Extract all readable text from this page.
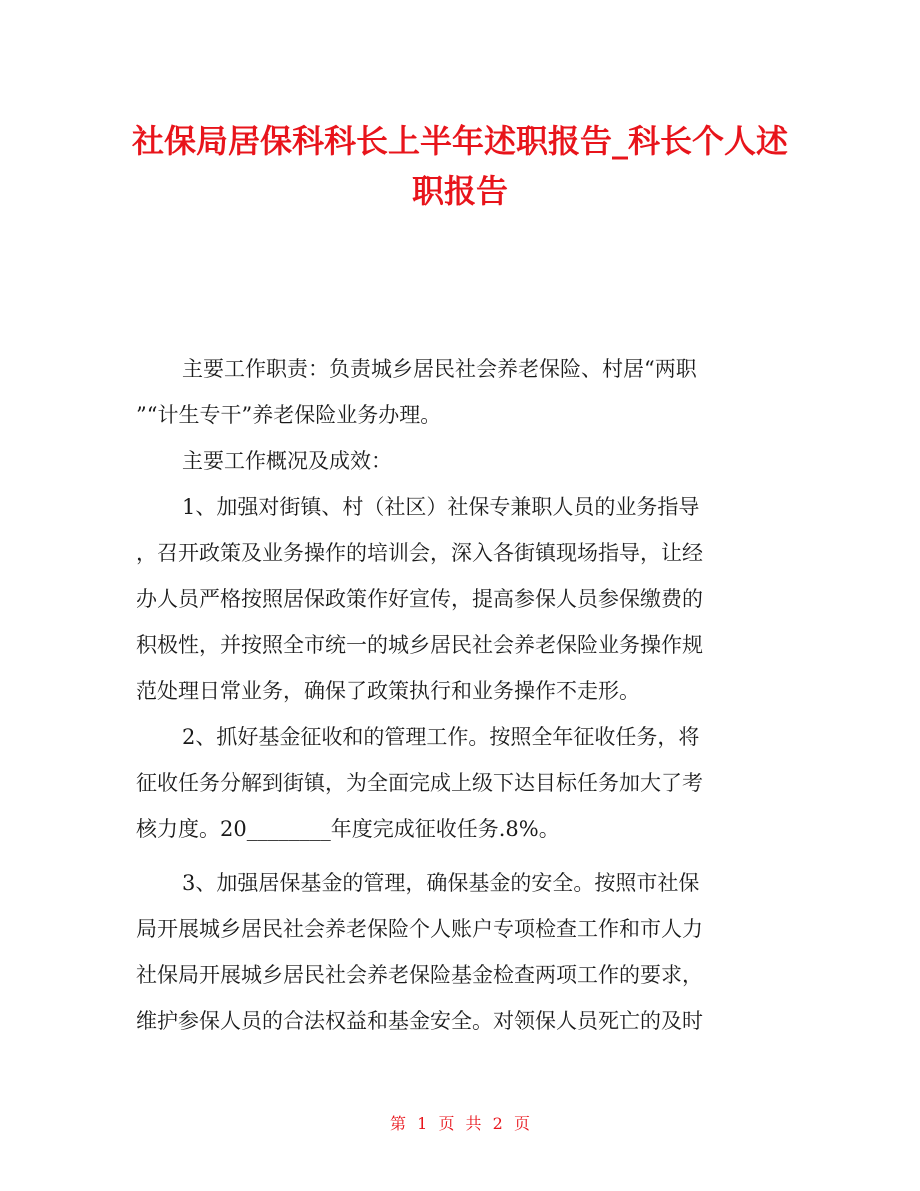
社保局居保科科长上半年述职报告_科长个人述
职报告
主要工作职责：负责城乡居民社会养老保险、村居“两职
”“计生专干”养老保险业务办理。
主要工作概况及成效：
1、加强对街镇、村（社区）社保专兼职人员的业务指导
，召开政策及业务操作的培训会，深入各街镇现场指导，让经
办人员严格按照居保政策作好宣传，提高参保人员参保缴费的
积极性，并按照全市统一的城乡居民社会养老保险业务操作规
范处理日常业务，确保了政策执行和业务操作不走形。
2、抓好基金征收和的管理工作。按照全年征收任务，将
征收任务分解到街镇，为全面完成上级下达目标任务加大了考
核力度。20________年度完成征收任务.8%。
3、加强居保基金的管理，确保基金的安全。按照市社保
局开展城乡居民社会养老保险个人账户专项检查工作和市人力
社保局开展城乡居民社会养老保险基金检查两项工作的要求，
维护参保人员的合法权益和基金安全。对领保人员死亡的及时
第 1 页 共 2 页
